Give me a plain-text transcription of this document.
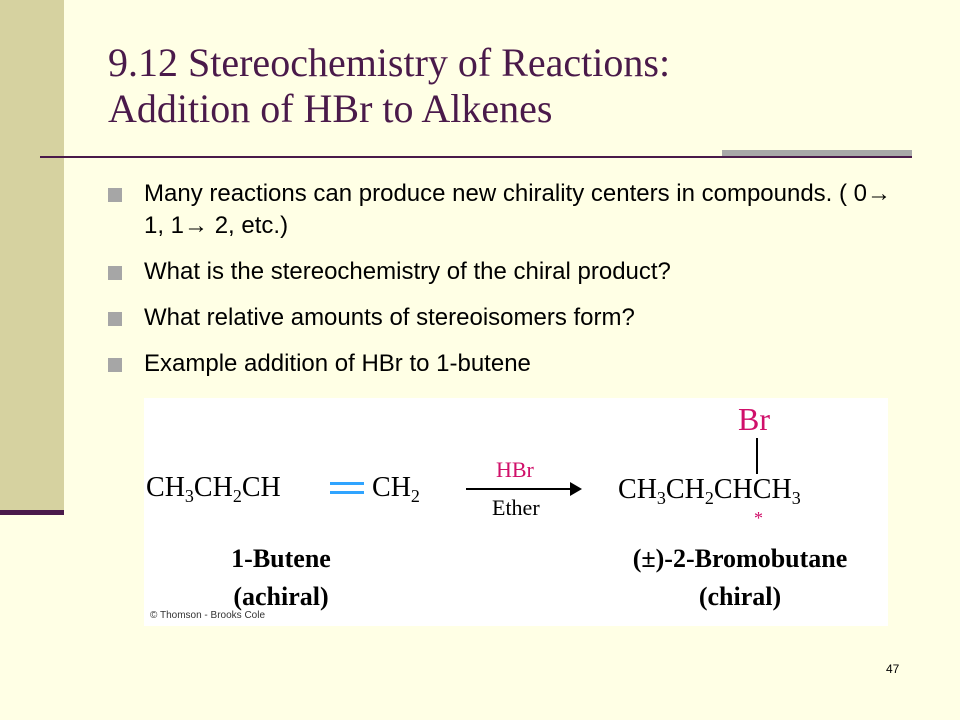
9.12 Stereochemistry of Reactions:
Addition of HBr to Alkenes
Many reactions can produce new chirality centers in compounds. ( 0→ 1, 1→ 2, etc.)
What is the stereochemistry of the chiral product?
What relative amounts of stereoisomers form?
Example addition of HBr to 1-butene
$CH_3CH_2CH$	$CH_2$
HBr
Ether
Br
$CH_3CH_2CHCH_3$
*
1-Butene
(achiral)
(±)-2-Bromobutane
(chiral)
© Thomson - Brooks Cole
47
